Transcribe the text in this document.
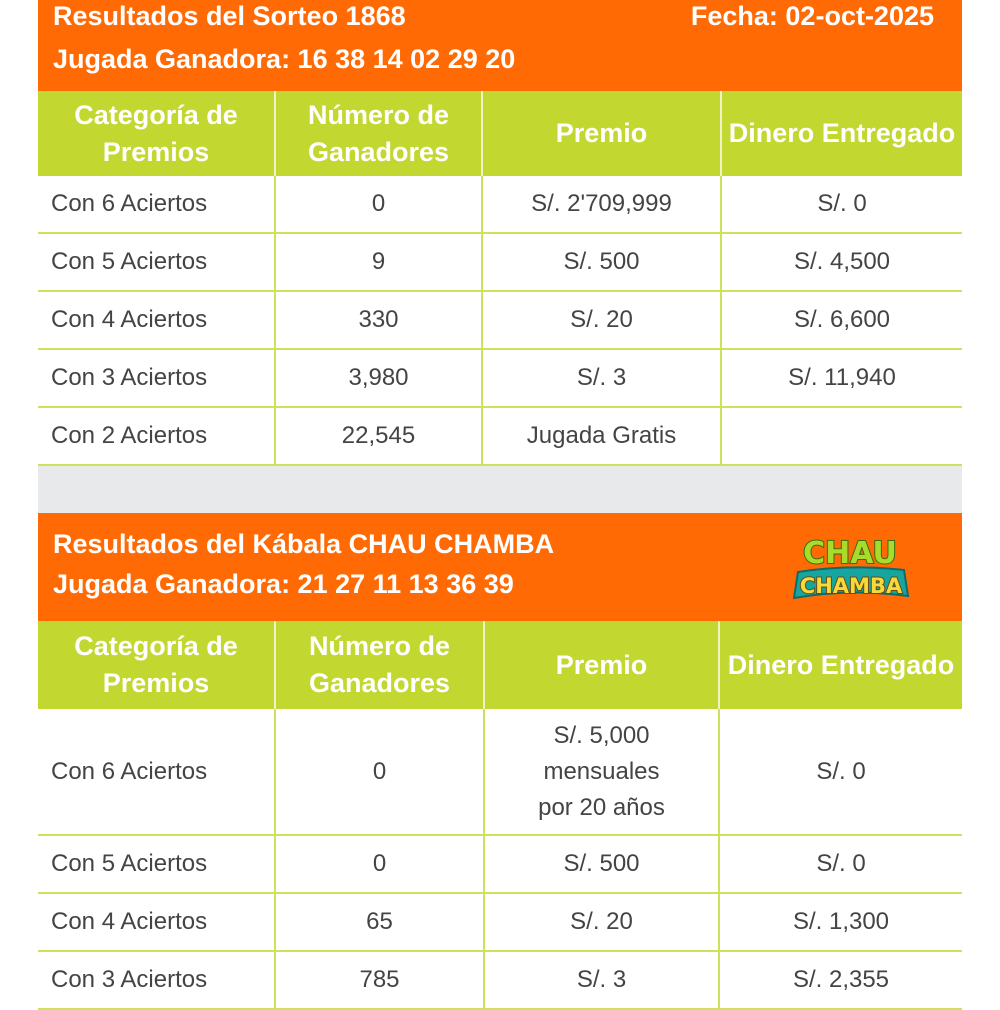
Resultados del Sorteo 1868	Fecha: 02-oct-2025
Jugada Ganadora: 16 38 14 02 29 20
Categoría de Premios	Número de Ganadores	Premio	Dinero Entregado
Con 6 Aciertos	0	S/. 2'709,999	S/. 0
Con 5 Aciertos	9	S/. 500	S/. 4,500
Con 4 Aciertos	330	S/. 20	S/. 6,600
Con 3 Aciertos	3,980	S/. 3	S/. 11,940
Con 2 Aciertos	22,545	Jugada Gratis	
Resultados del Kábala CHAU CHAMBA
Jugada Ganadora: 21 27 11 13 36 39
CHAU
CHAMBA
Categoría de Premios	Número de Ganadores	Premio	Dinero Entregado
Con 6 Aciertos	0	S/. 5,000
mensuales
por 20 años	S/. 0
Con 5 Aciertos	0	S/. 500	S/. 0
Con 4 Aciertos	65	S/. 20	S/. 1,300
Con 3 Aciertos	785	S/. 3	S/. 2,355
